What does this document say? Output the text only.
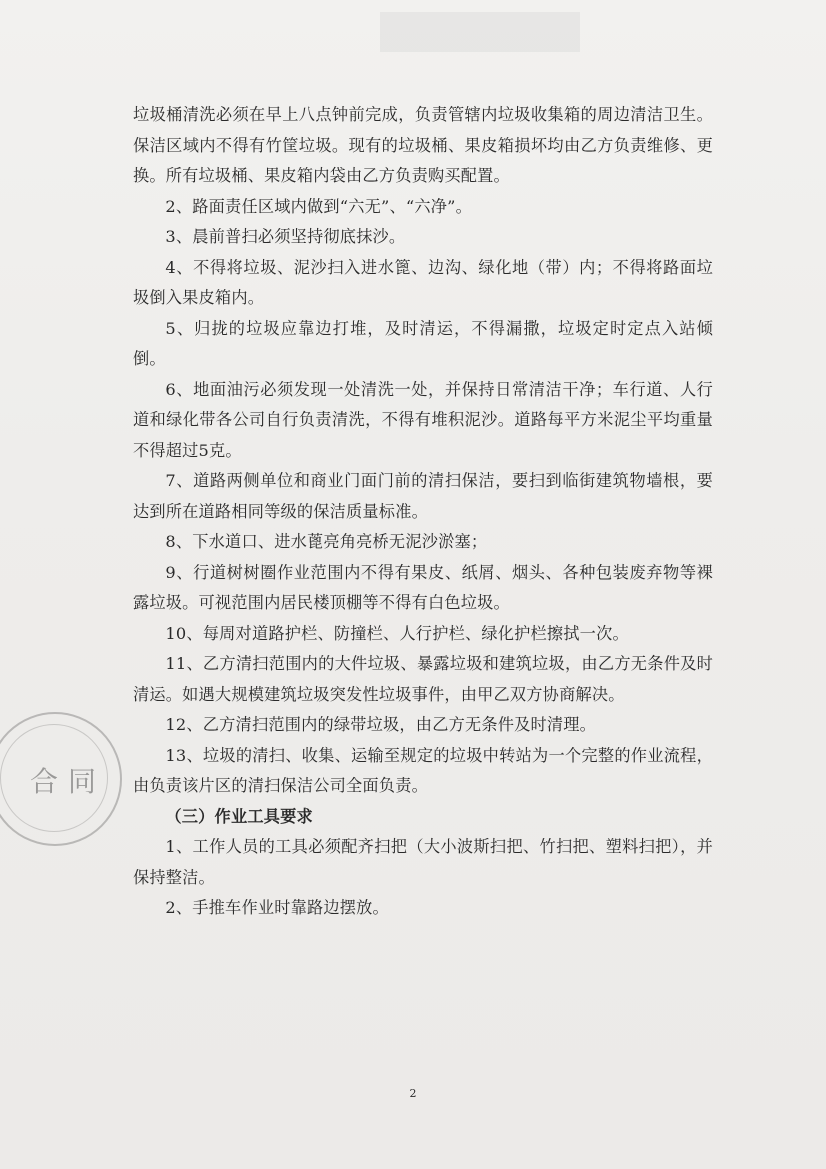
合同

垃圾桶清洗必须在早上八点钟前完成，负责管辖内垃圾收集箱的周边清洁卫生。保洁区域内不得有竹筐垃圾。现有的垃圾桶、果皮箱损坏均由乙方负责维修、更换。所有垃圾桶、果皮箱内袋由乙方负责购买配置。

2、路面责任区域内做到“六无”、“六净”。

3、晨前普扫必须坚持彻底抹沙。

4、不得将垃圾、泥沙扫入进水篦、边沟、绿化地（带）内；不得将路面垃圾倒入果皮箱内。

5、归拢的垃圾应靠边打堆，及时清运，不得漏撒，垃圾定时定点入站倾倒。

6、地面油污必须发现一处清洗一处，并保持日常清洁干净；车行道、人行道和绿化带各公司自行负责清洗，不得有堆积泥沙。道路每平方米泥尘平均重量不得超过5克。

7、道路两侧单位和商业门面门前的清扫保洁，要扫到临街建筑物墙根，要达到所在道路相同等级的保洁质量标准。

8、下水道口、进水蓖亮角亮桥无泥沙淤塞；

9、行道树树圈作业范围内不得有果皮、纸屑、烟头、各种包装废弃物等裸露垃圾。可视范围内居民楼顶棚等不得有白色垃圾。

10、每周对道路护栏、防撞栏、人行护栏、绿化护栏擦拭一次。

11、乙方清扫范围内的大件垃圾、暴露垃圾和建筑垃圾，由乙方无条件及时清运。如遇大规模建筑垃圾突发性垃圾事件，由甲乙双方协商解决。

12、乙方清扫范围内的绿带垃圾，由乙方无条件及时清理。

13、垃圾的清扫、收集、运输至规定的垃圾中转站为一个完整的作业流程，由负责该片区的清扫保洁公司全面负责。

（三）作业工具要求

1、工作人员的工具必须配齐扫把（大小波斯扫把、竹扫把、塑料扫把），并保持整洁。

2、手推车作业时靠路边摆放。

2
